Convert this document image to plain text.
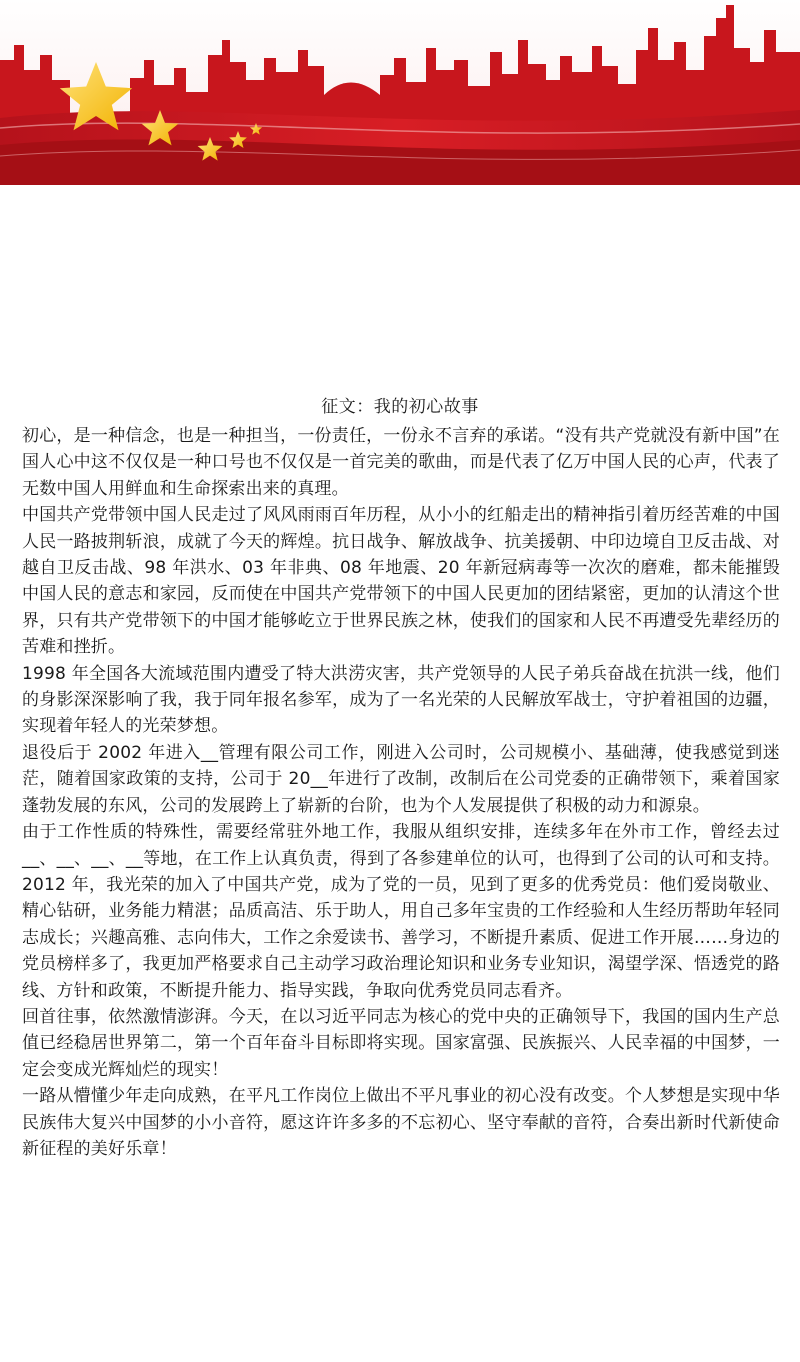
征文：我的初心故事

初心，是一种信念，也是一种担当，一份责任，一份永不言弃的承诺。“没有共产党就没有新中国”在国人心中这不仅仅是一种口号也不仅仅是一首完美的歌曲，而是代表了亿万中国人民的心声，代表了无数中国人用鲜血和生命探索出来的真理。

中国共产党带领中国人民走过了风风雨雨百年历程，从小小的红船走出的精神指引着历经苦难的中国人民一路披荆斩浪，成就了今天的辉煌。抗日战争、解放战争、抗美援朝、中印边境自卫反击战、对越自卫反击战、98 年洪水、03 年非典、08 年地震、20 年新冠病毒等一次次的磨难，都未能摧毁中国人民的意志和家园，反而使在中国共产党带领下的中国人民更加的团结紧密，更加的认清这个世界，只有共产党带领下的中国才能够屹立于世界民族之林，使我们的国家和人民不再遭受先辈经历的苦难和挫折。

1998 年全国各大流域范围内遭受了特大洪涝灾害，共产党领导的人民子弟兵奋战在抗洪一线，他们的身影深深影响了我，我于同年报名参军，成为了一名光荣的人民解放军战士，守护着祖国的边疆，实现着年轻人的光荣梦想。

退役后于 2002 年进入__管理有限公司工作，刚进入公司时，公司规模小、基础薄，使我感觉到迷茫，随着国家政策的支持，公司于 20__年进行了改制，改制后在公司党委的正确带领下，乘着国家蓬勃发展的东风，公司的发展跨上了崭新的台阶，也为个人发展提供了积极的动力和源泉。

由于工作性质的特殊性，需要经常驻外地工作，我服从组织安排，连续多年在外市工作，曾经去过__、__、__、__等地，在工作上认真负责，得到了各参建单位的认可，也得到了公司的认可和支持。2012 年，我光荣的加入了中国共产党，成为了党的一员，见到了更多的优秀党员：他们爱岗敬业、精心钻研，业务能力精湛；品质高洁、乐于助人，用自己多年宝贵的工作经验和人生经历帮助年轻同志成长；兴趣高雅、志向伟大，工作之余爱读书、善学习，不断提升素质、促进工作开展……身边的党员榜样多了，我更加严格要求自己主动学习政治理论知识和业务专业知识，渴望学深、悟透党的路线、方针和政策，不断提升能力、指导实践，争取向优秀党员同志看齐。

回首往事，依然激情澎湃。今天，在以习近平同志为核心的党中央的正确领导下，我国的国内生产总值已经稳居世界第二，第一个百年奋斗目标即将实现。国家富强、民族振兴、人民幸福的中国梦，一定会变成光辉灿烂的现实！

一路从懵懂少年走向成熟，在平凡工作岗位上做出不平凡事业的初心没有改变。个人梦想是实现中华民族伟大复兴中国梦的小小音符，愿这许许多多的不忘初心、坚守奉献的音符，合奏出新时代新使命新征程的美好乐章！
